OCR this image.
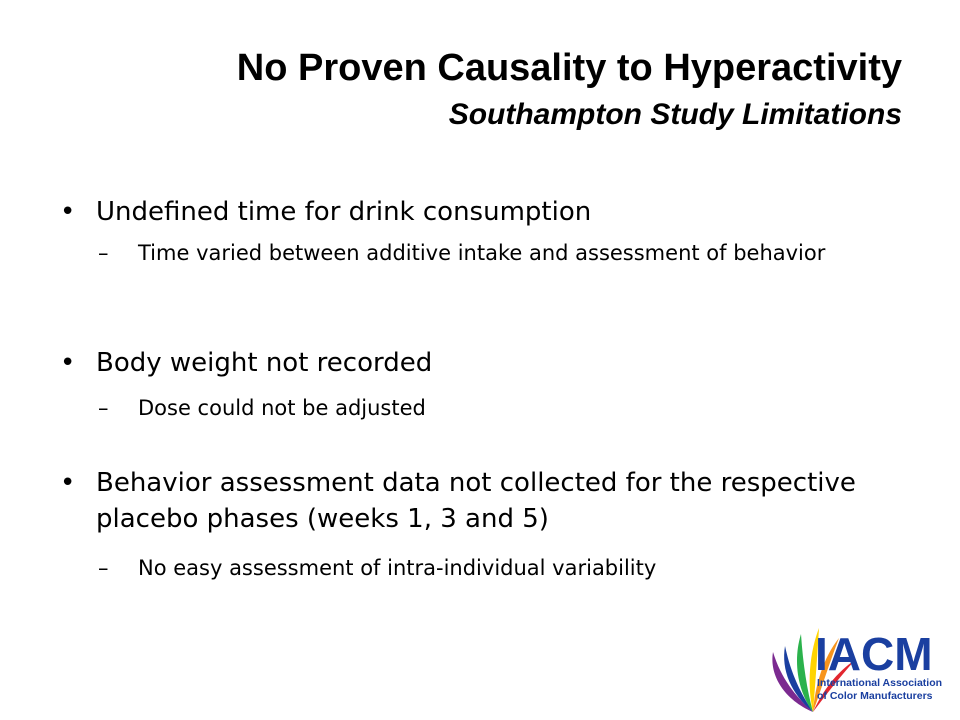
No Proven Causality to Hyperactivity
Southampton Study Limitations
• Undefined time for drink consumption
– Time varied between additive intake and assessment of behavior
• Body weight not recorded
– Dose could not be adjusted
• Behavior assessment data not collected for the respective placebo phases (weeks 1, 3 and 5)
– No easy assessment of intra-individual variability
IACM
International Association
of Color Manufacturers
